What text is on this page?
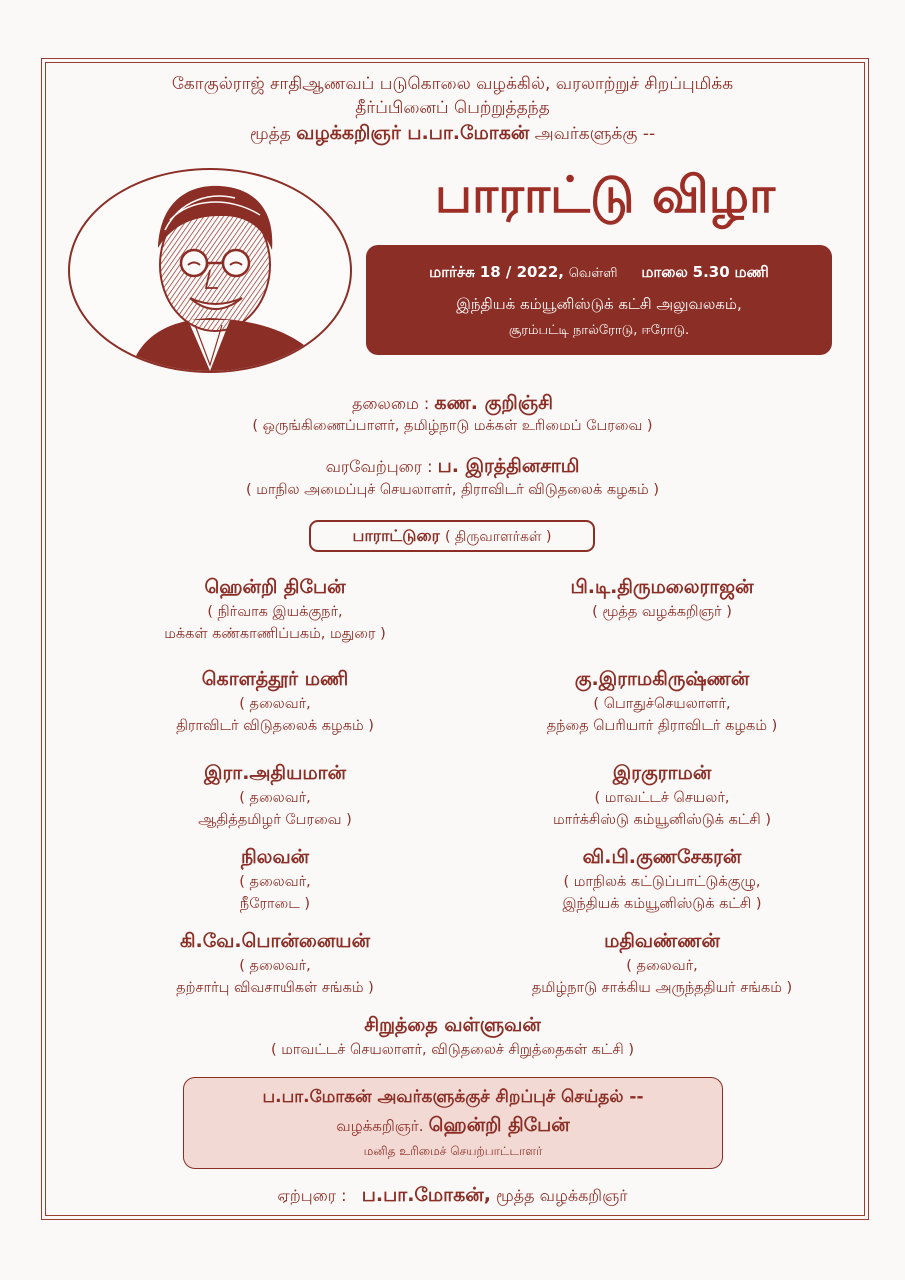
கோகுல்ராஜ் சாதிஆணவப் படுகொலை வழக்கில், வரலாற்றுச் சிறப்புமிக்க
தீர்ப்பினைப் பெற்றுத்தந்த
மூத்த வழக்கறிஞர் ப.பா.மோகன் அவர்களுக்கு --
பாராட்டு விழா
மார்ச்சு 18 / 2022, வெள்ளி மாலை 5.30 மணி
இந்தியக் கம்யூனிஸ்டுக் கட்சி அலுவலகம்,
சூரம்பட்டி நால்ரோடு, ஈரோடு.
தலைமை : கண. குறிஞ்சி
( ஒருங்கிணைப்பாளர், தமிழ்நாடு மக்கள் உரிமைப் பேரவை )
வரவேற்புரை : ப. இரத்தினசாமி
( மாநில அமைப்புச் செயலாளர், திராவிடர் விடுதலைக் கழகம் )
பாராட்டுரை ( திருவாளர்கள் )
ஹென்றி திபேன்
( நிர்வாக இயக்குநர்,
மக்கள் கண்காணிப்பகம், மதுரை )
கொளத்தூர் மணி
( தலைவர்,
திராவிடர் விடுதலைக் கழகம் )
இரா.அதியமான்
( தலைவர்,
ஆதித்தமிழர் பேரவை )
நிலவன்
( தலைவர்,
நீரோடை )
கி.வே.பொன்னையன்
( தலைவர்,
தற்சார்பு விவசாயிகள் சங்கம் )
பி.டி.திருமலைராஜன்
( மூத்த வழக்கறிஞர் )
கு.இராமகிருஷ்ணன்
( பொதுச்செயலாளர்,
தந்தை பெரியார் திராவிடர் கழகம் )
இரகுராமன்
( மாவட்டச் செயலர்,
மார்க்சிஸ்டு கம்யூனிஸ்டுக் கட்சி )
வி.பி.குணசேகரன்
( மாநிலக் கட்டுப்பாட்டுக்குழு,
இந்தியக் கம்யூனிஸ்டுக் கட்சி )
மதிவண்ணன்
( தலைவர்,
தமிழ்நாடு சாக்கிய அருந்ததியர் சங்கம் )
சிறுத்தை வள்ளுவன்
( மாவட்டச் செயலாளர், விடுதலைச் சிறுத்தைகள் கட்சி )
ப.பா.மோகன் அவர்களுக்குச் சிறப்புச் செய்தல் --
வழக்கறிஞர். ஹென்றி திபேன்
மனித உரிமைச் செயற்பாட்டாளர்
ஏற்புரை : ப.பா.மோகன், மூத்த வழக்கறிஞர்
